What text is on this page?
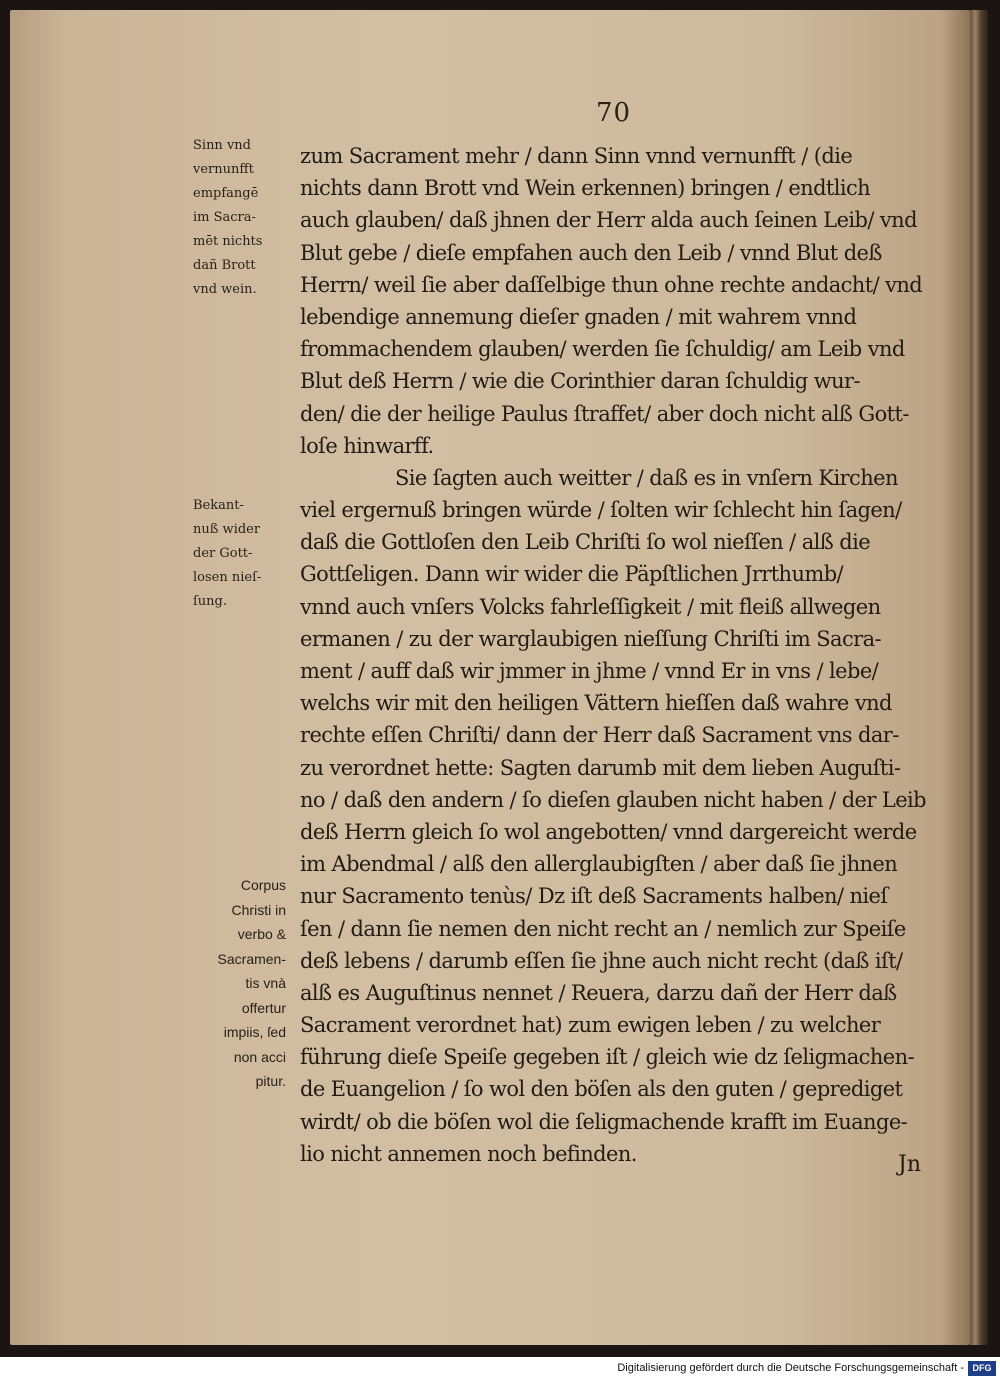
70
Sinn vnd
vernunfft
empfangē
im Sacra-
mēt nichts
dañ Brott
vnd wein.
Bekant-
nuß wider
der Gott-
losen nieſ-
ſung.
Corpus
Christi in
verbo &
Sacramen-
tis vnà
offertur
impiis, ſed
non acci
pitur.
zum Sacrament mehr / dann Sinn vnnd vernunfft / (die
nichts dann Brott vnd Wein erkennen) bringen / endtlich
auch glauben/ daß jhnen der Herr alda auch ſeinen Leib/ vnd
Blut gebe / dieſe empfahen auch den Leib / vnnd Blut deß
Herrn/ weil ſie aber daſſelbige thun ohne rechte andacht/ vnd
lebendige annemung dieſer gnaden / mit wahrem vnnd
frommachendem glauben/ werden ſie ſchuldig/ am Leib vnd
Blut deß Herrn / wie die Corinthier daran ſchuldig wur-
den/ die der heilige Paulus ſtraffet/ aber doch nicht alß Gott-
loſe hinwarff.
Sie ſagten auch weitter / daß es in vnſern Kirchen
viel ergernuß bringen würde / ſolten wir ſchlecht hin ſagen/
daß die Gottloſen den Leib Chriſti ſo wol nieſſen / alß die
Gottſeligen. Dann wir wider die Päpſtlichen Jrrthumb/
vnnd auch vnſers Volcks fahrleſſigkeit / mit fleiß allwegen
ermanen / zu der warglaubigen nieſſung Chriſti im Sacra-
ment / auff daß wir jmmer in jhme / vnnd Er in vns / lebe/
welchs wir mit den heiligen Vättern hieſſen daß wahre vnd
rechte eſſen Chriſti/ dann der Herr daß Sacrament vns dar-
zu verordnet hette: Sagten darumb mit dem lieben Auguſti-
no / daß den andern / ſo dieſen glauben nicht haben / der Leib
deß Herrn gleich ſo wol angebotten/ vnnd dargereicht werde
im Abendmal / alß den allerglaubigſten / aber daß ſie jhnen
nur Sacramento tenùs/ Dz iſt deß Sacraments halben/ nieſ
ſen / dann ſie nemen den nicht recht an / nemlich zur Speiſe
deß lebens / darumb eſſen ſie jhne auch nicht recht (daß iſt/
alß es Auguſtinus nennet / Reuera, darzu dañ der Herr daß
Sacrament verordnet hat) zum ewigen leben / zu welcher
führung dieſe Speiſe gegeben iſt / gleich wie dz ſeligmachen-
de Euangelion / ſo wol den böſen als den guten / geprediget
wirdt/ ob die böſen wol die ſeligmachende krafft im Euange-
lio nicht annemen noch befinden.	Jn
Digitalisierung gefördert durch die Deutsche Forschungsgemeinschaft - DFG
